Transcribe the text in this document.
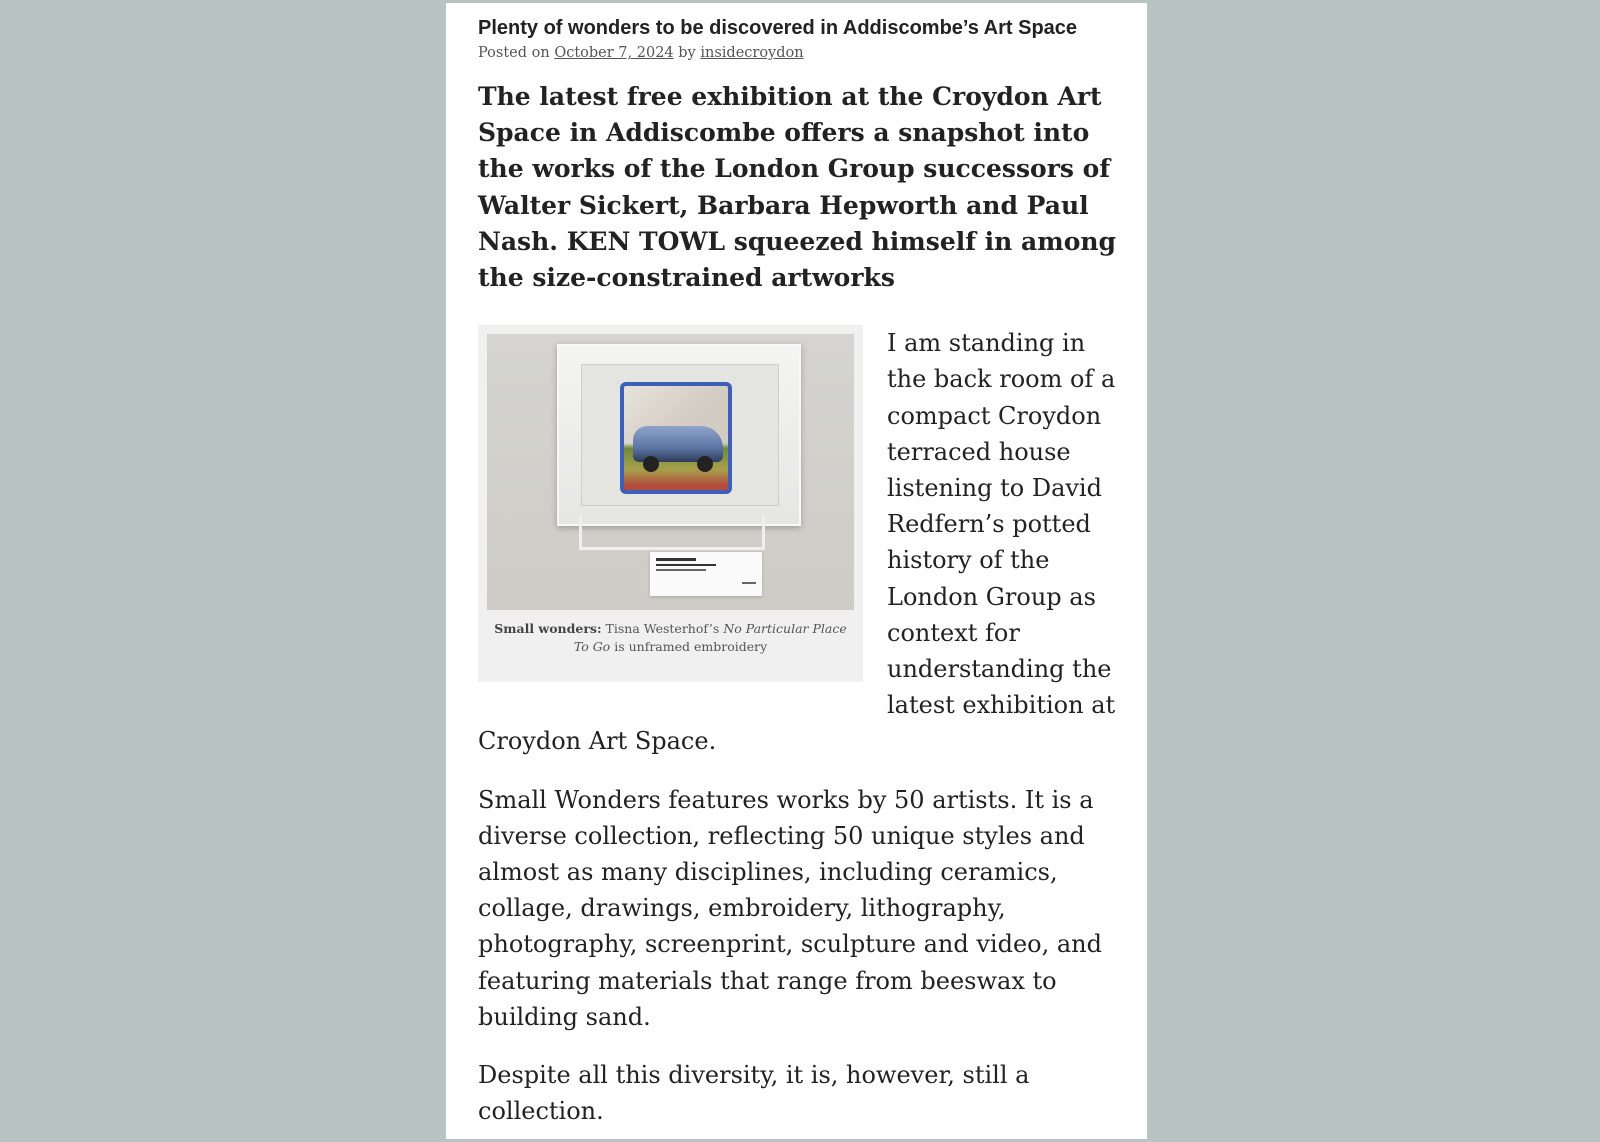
Plenty of wonders to be discovered in Addiscombe’s Art Space
Posted on October 7, 2024 by insidecroydon

The latest free exhibition at the Croydon Art Space in Addiscombe offers a snapshot into the works of the London Group successors of Walter Sickert, Barbara Hepworth and Paul Nash. KEN TOWL squeezed himself in among the size-constrained artworks

Small wonders: Tisna Westerhof’s No Particular Place To Go is unframed embroidery
I am standing in the back room of a compact Croydon terraced house listening to David Redfern’s potted history of the London Group as context for understanding the latest exhibition at Croydon Art Space.

Small Wonders features works by 50 artists. It is a diverse collection, reflecting 50 unique styles and almost as many disciplines, including ceramics, collage, drawings, embroidery, lithography, photography, screenprint, sculpture and video, and featuring materials that range from beeswax to building sand.

Despite all this diversity, it is, however, still a collection.
